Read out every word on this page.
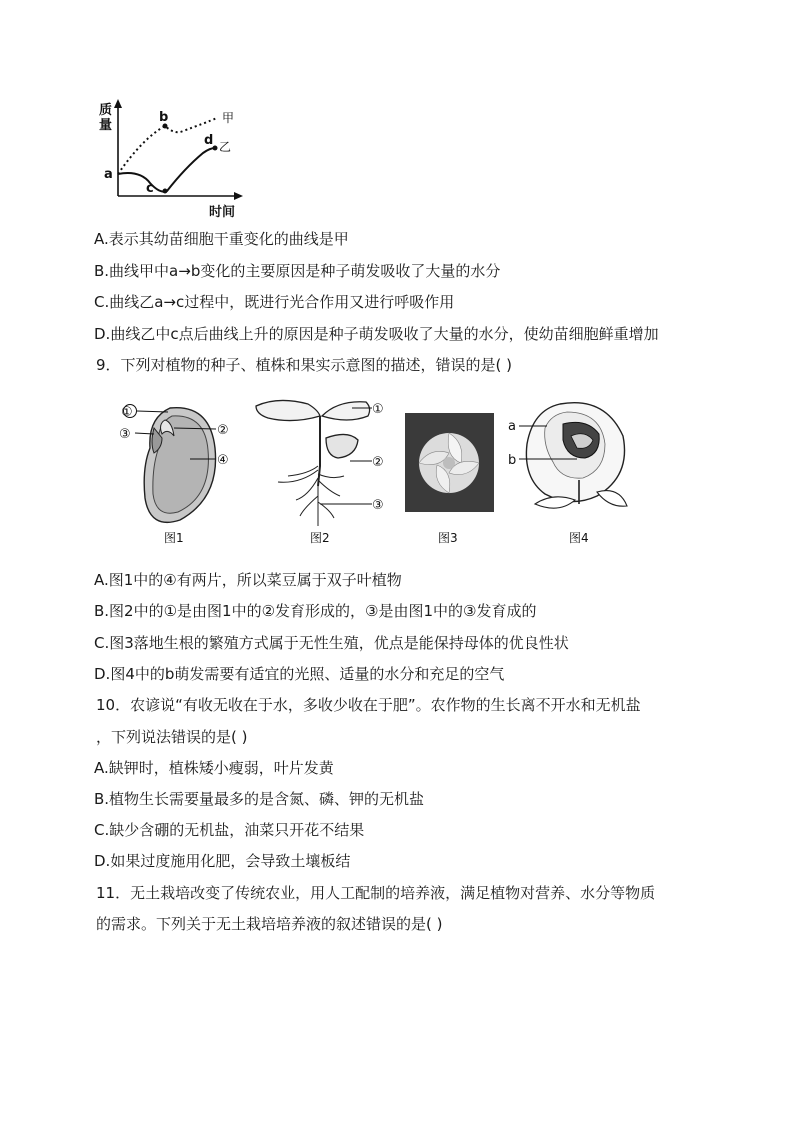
质
量
时间
a
b
c
d
甲
乙
A.表示其幼苗细胞干重变化的曲线是甲
B.曲线甲中a→b变化的主要原因是种子萌发吸收了大量的水分
C.曲线乙a→c过程中，既进行光合作用又进行呼吸作用
D.曲线乙中c点后曲线上升的原因是种子萌发吸收了大量的水分，使幼苗细胞鲜重增加
9．下列对植物的种子、植株和果实示意图的描述，错误的是( )
①
②
③
④
图1
①
②
③
图2	图3
a
b
图4
A.图1中的④有两片，所以菜豆属于双子叶植物
B.图2中的①是由图1中的②发育形成的，③是由图1中的③发育成的
C.图3落地生根的繁殖方式属于无性生殖，优点是能保持母体的优良性状
D.图4中的b萌发需要有适宜的光照、适量的水分和充足的空气
10．农谚说“有收无收在于水，多收少收在于肥”。农作物的生长离不开水和无机盐
，下列说法错误的是( )
A.缺钾时，植株矮小瘦弱，叶片发黄
B.植物生长需要量最多的是含氮、磷、钾的无机盐
C.缺少含硼的无机盐，油菜只开花不结果
D.如果过度施用化肥，会导致土壤板结
11．无土栽培改变了传统农业，用人工配制的培养液，满足植物对营养、水分等物质
的需求。下列关于无土栽培培养液的叙述错误的是( )
